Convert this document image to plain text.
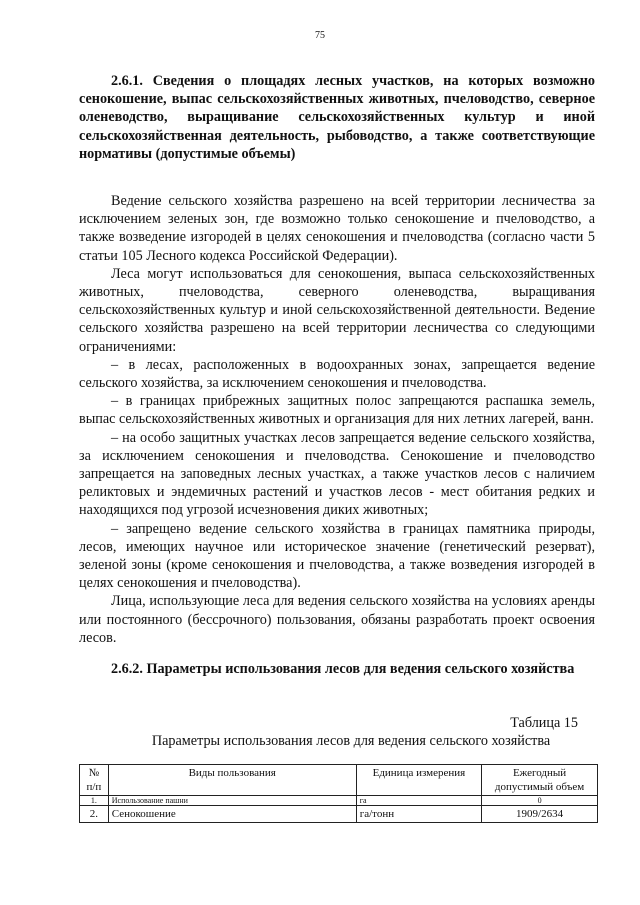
75
2.6.1. Сведения о площадях лесных участков, на которых возможно сенокошение, выпас сельскохозяйственных животных, пчеловодство, северное оленеводство, выращивание сельскохозяйственных культур и иной сельскохозяйственная деятельность, рыбоводство, а также соответствующие нормативы (допустимые объемы)

Ведение сельского хозяйства разрешено на всей территории лесничества за исключением зеленых зон, где возможно только сенокошение и пчеловодство, а также возведение изгородей в целях сенокошения и пчеловодства (согласно части 5 статьи 105 Лесного кодекса Российской Федерации).

Леса могут использоваться для сенокошения, выпаса сельскохозяйственных животных, пчеловодства, северного оленеводства, выращивания сельскохозяйственных культур и иной сельскохозяйственной деятельности. Ведение сельского хозяйства разрешено на всей территории лесничества со следующими ограничениями:

– в лесах, расположенных в водоохранных зонах, запрещается ведение сельского хозяйства, за исключением сенокошения и пчеловодства.

– в границах прибрежных защитных полос запрещаются распашка земель, выпас сельскохозяйственных животных и организация для них летних лагерей, ванн.

– на особо защитных участках лесов запрещается ведение сельского хозяйства, за исключением сенокошения и пчеловодства. Сенокошение и пчеловодство запрещается на заповедных лесных участках, а также участков лесов с наличием реликтовых и эндемичных растений и участков лесов - мест обитания редких и находящихся под угрозой исчезновения диких животных;

– запрещено ведение сельского хозяйства в границах памятника природы, лесов, имеющих научное или историческое значение (генетический резерват), зеленой зоны (кроме сенокошения и пчеловодства, а также возведения изгородей в целях сенокошения и пчеловодства).

Лица, использующие леса для ведения сельского хозяйства на условиях аренды или постоянного (бессрочного) пользования, обязаны разработать проект освоения лесов.

2.6.2. Параметры использования лесов для ведения сельского хозяйства
Таблица 15
Параметры использования лесов для ведения сельского хозяйства
№ п/п	Виды пользования	Единица измерения	Ежегодный допустимый объем
1.	Использование пашни	га	0
2.	Сенокошение	га/тонн	1909/2634
